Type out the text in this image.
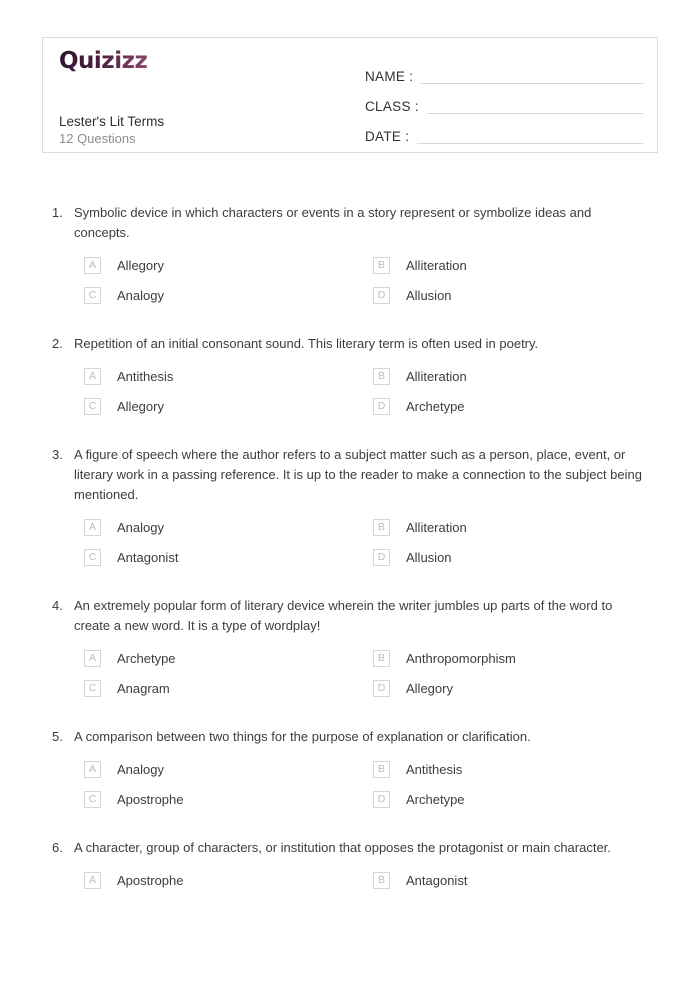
Quizizz
Lester's Lit Terms
12 Questions
NAME :
CLASS :
DATE :
1. Symbolic device in which characters or events in a story represent or symbolize ideas and concepts.
A	Allegory	B	Alliteration
C	Analogy	D	Allusion
2. Repetition of an initial consonant sound. This literary term is often used in poetry.
A	Antithesis	B	Alliteration
C	Allegory	D	Archetype
3. A figure of speech where the author refers to a subject matter such as a person, place, event, or literary work in a passing reference. It is up to the reader to make a connection to the subject being mentioned.
A	Analogy	B	Alliteration
C	Antagonist	D	Allusion
4. An extremely popular form of literary device wherein the writer jumbles up parts of the word to create a new word. It is a type of wordplay!
A	Archetype	B	Anthropomorphism
C	Anagram	D	Allegory
5. A comparison between two things for the purpose of explanation or clarification.
A	Analogy	B	Antithesis
C	Apostrophe	D	Archetype
6. A character, group of characters, or institution that opposes the protagonist or main character.
A	Apostrophe	B	Antagonist
